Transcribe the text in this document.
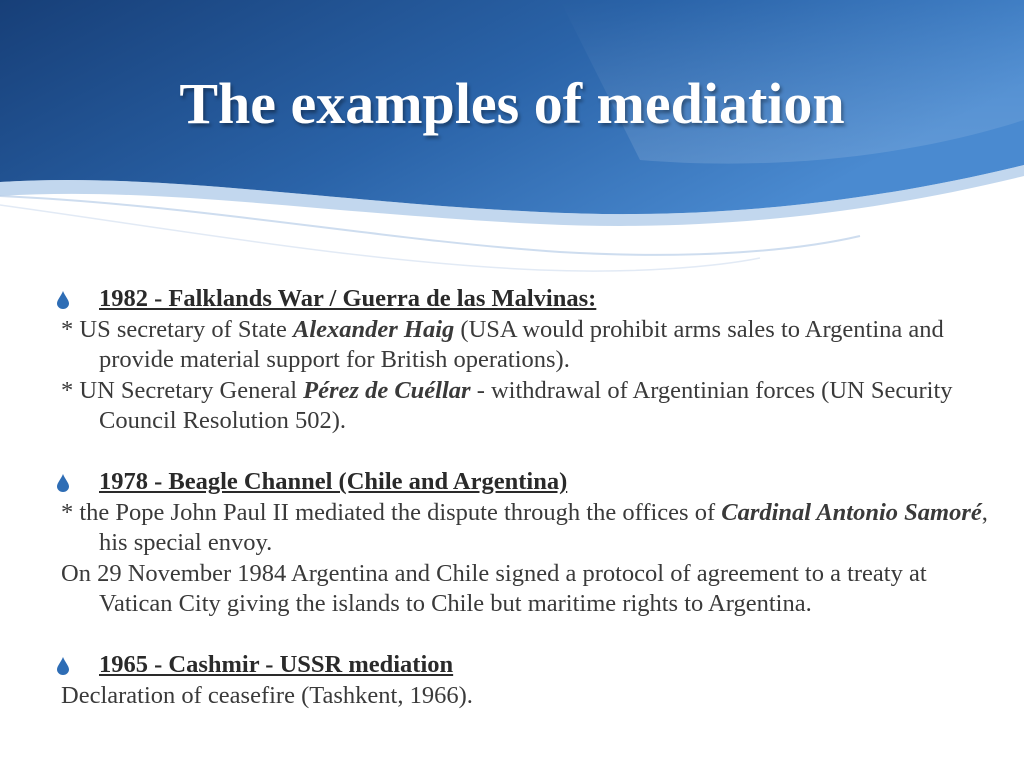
The examples of mediation

1982 - Falklands War / Guerra de las Malvinas:

* US secretary of State Alexander Haig (USA would prohibit arms sales to Argentina and provide material support for British operations).

* UN Secretary General Pérez de Cuéllar - withdrawal of Argentinian forces (UN Security Council Resolution 502).

1978 - Beagle Channel (Chile and Argentina)

* the Pope John Paul II mediated the dispute through the offices of Cardinal Antonio Samoré, his special envoy.

On 29 November 1984 Argentina and Chile signed a protocol of agreement to a treaty at Vatican City giving the islands to Chile but maritime rights to Argentina.

1965 - Cashmir - USSR mediation

Declaration of ceasefire (Tashkent, 1966).
